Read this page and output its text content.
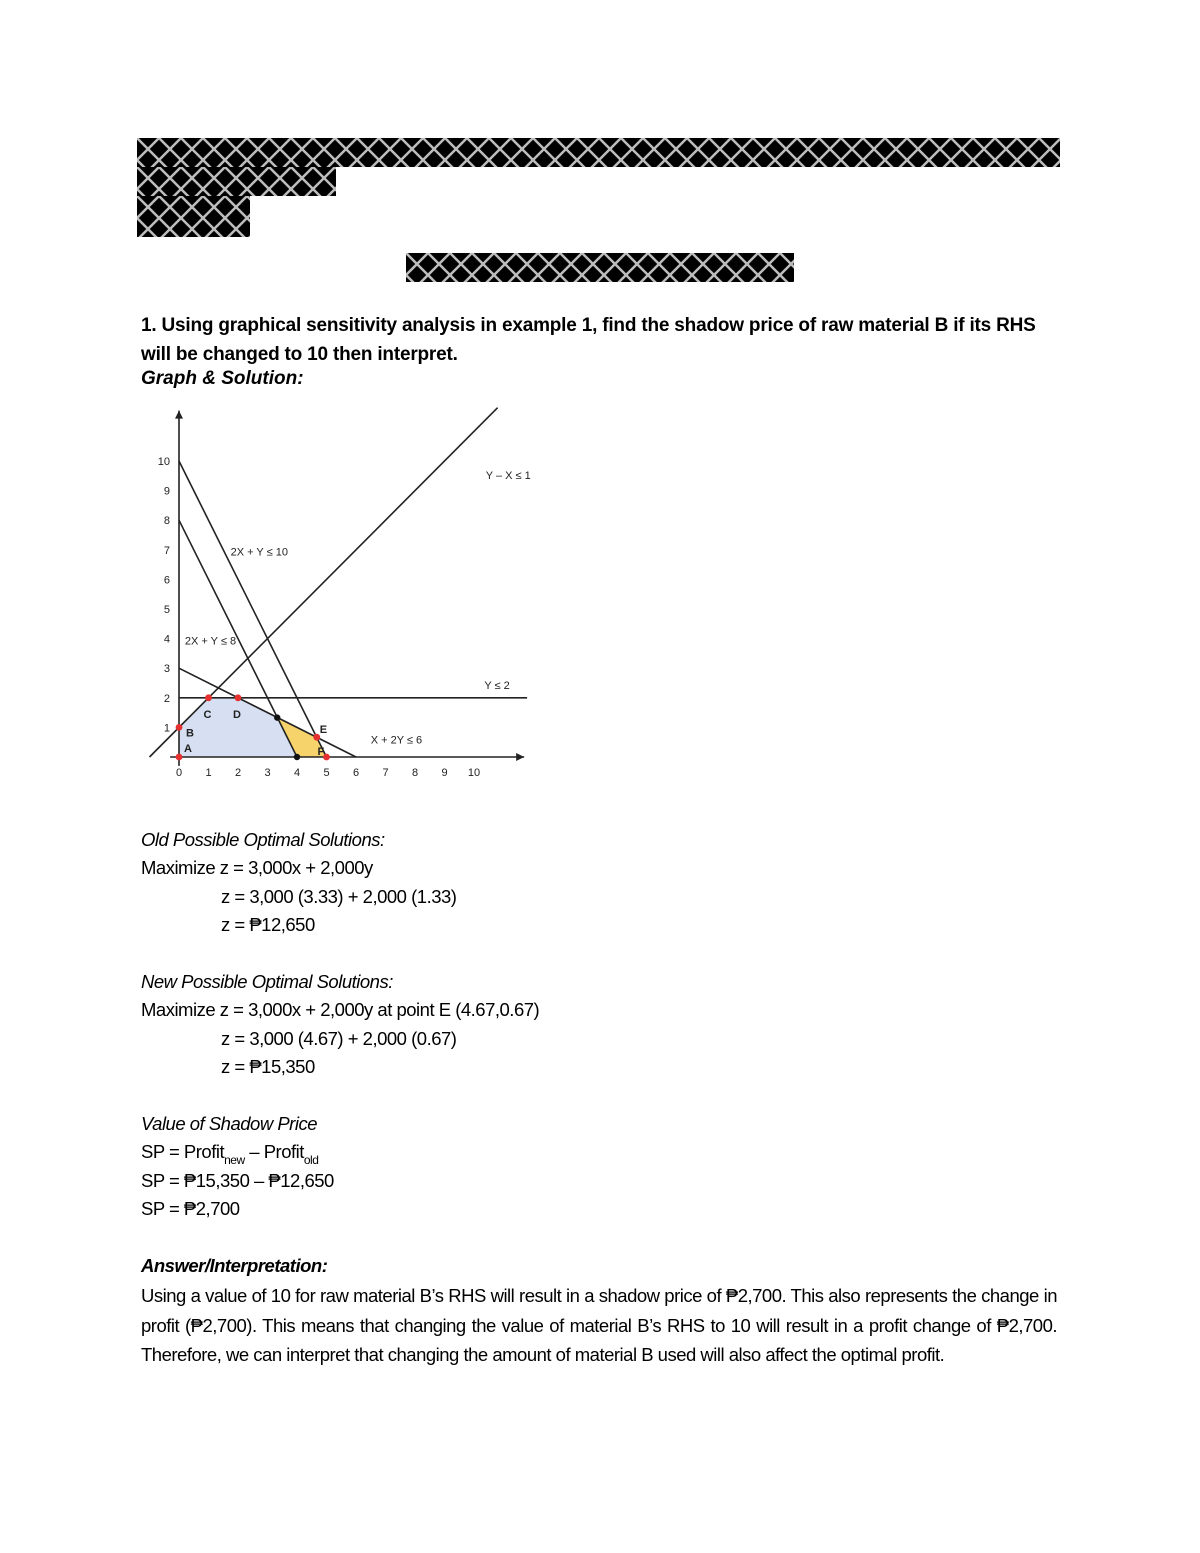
1. Using graphical sensitivity analysis in example 1, find the shadow price of raw material B if its RHS will be changed to 10 then interpret.
Graph & Solution:
0 1 2 3 4 5 6 7 8 9 10
1
2
3
4
5
6
7
8
9
10
Y – X ≤ 1
2X + Y ≤ 10
2X + Y ≤ 8
Y ≤ 2
X + 2Y ≤ 6
A
B
C D
E
F
Old Possible Optimal Solutions:
Maximize z = 3,000x + 2,000y
z = 3,000 (3.33) + 2,000 (1.33)
z = ₱12,650
New Possible Optimal Solutions:
Maximize z = 3,000x + 2,000y at point E (4.67,0.67)
z = 3,000 (4.67) + 2,000 (0.67)
z = ₱15,350
Value of Shadow Price
SP = Profit$_{new}$ – Profit$_{old}$
SP = ₱15,350 – ₱12,650
SP = ₱2,700
Answer/Interpretation:
Using a value of 10 for raw material B’s RHS will result in a shadow price of ₱2,700. This also represents the change in profit (₱2,700). This means that changing the value of material B’s RHS to 10 will result in a profit change of ₱2,700. Therefore, we can interpret that changing the amount of material B used will also affect the optimal profit.
